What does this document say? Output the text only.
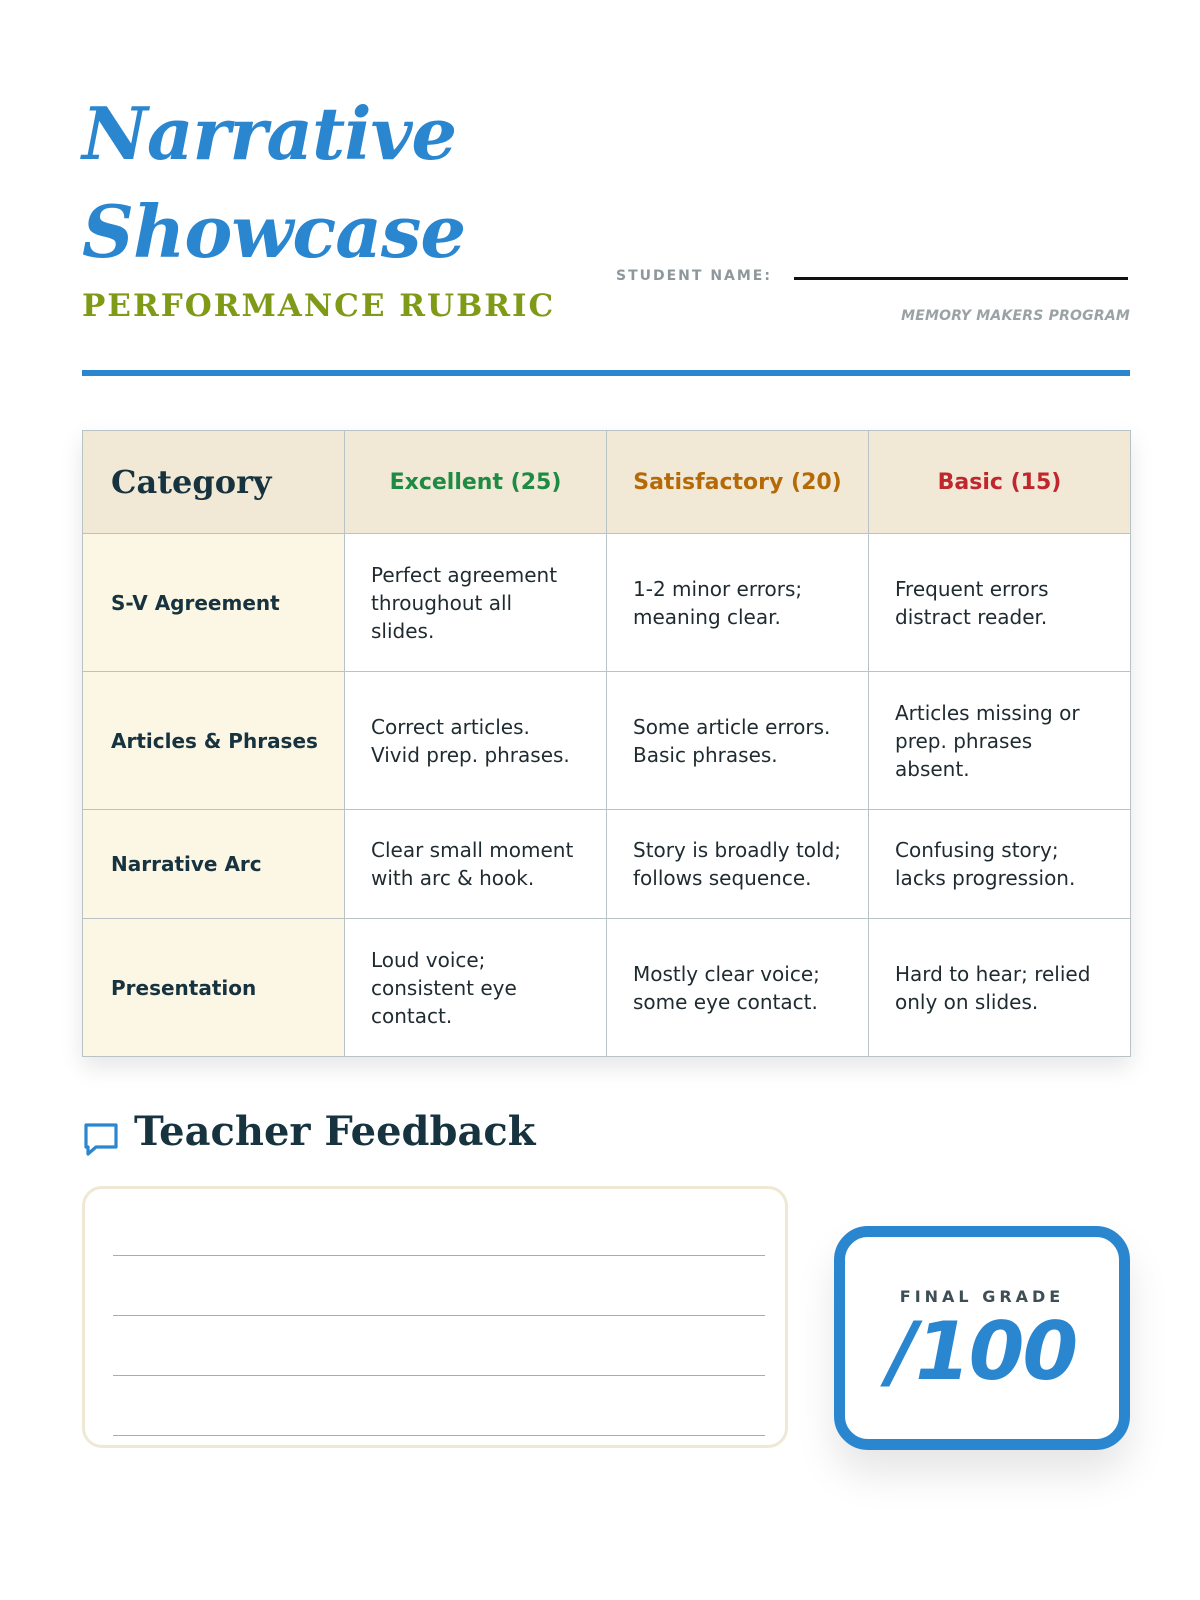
Narrative
Showcase
PERFORMANCE RUBRIC
STUDENT NAME:
MEMORY MAKERS PROGRAM
Category	Excellent (25)	Satisfactory (20)	Basic (15)
S-V Agreement	Perfect agreement throughout all slides.	1-2 minor errors; meaning clear.	Frequent errors distract reader.
Articles & Phrases	Correct articles. Vivid prep. phrases.	Some article errors. Basic phrases.	Articles missing or prep. phrases absent.
Narrative Arc	Clear small moment with arc & hook.	Story is broadly told; follows sequence.	Confusing story; lacks progression.
Presentation	Loud voice; consistent eye contact.	Mostly clear voice; some eye contact.	Hard to hear; relied only on slides.
Teacher Feedback
FINAL GRADE
/100
